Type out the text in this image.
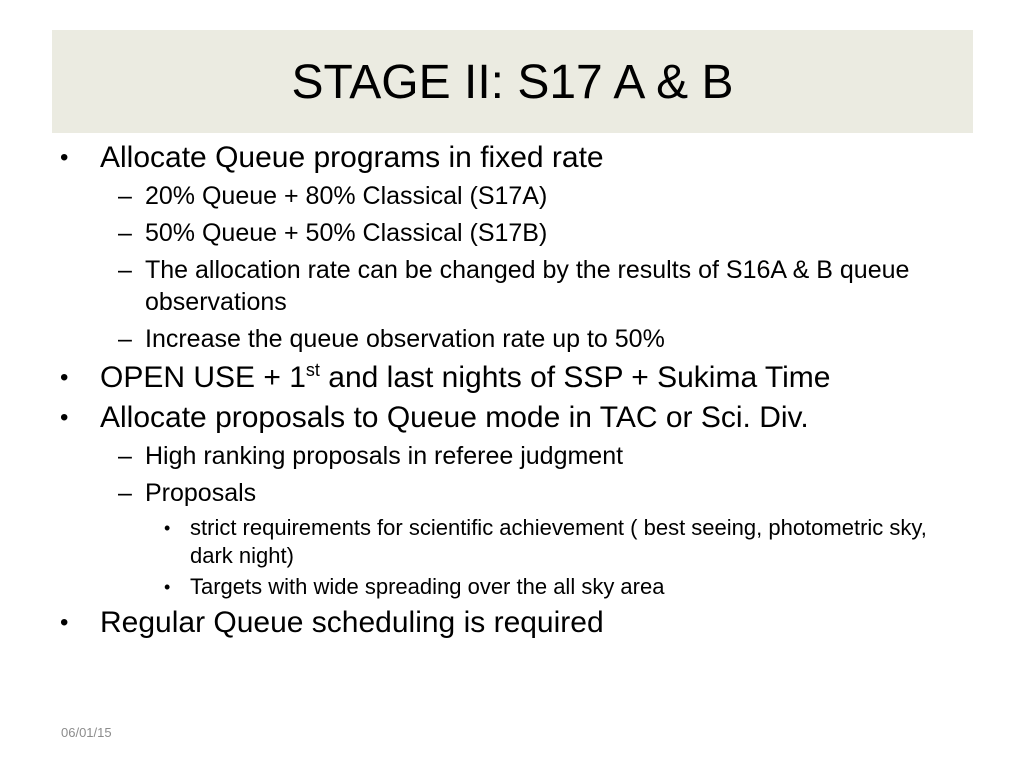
STAGE II: S17 A & B
• Allocate Queue programs in fixed rate
– 20% Queue + 80% Classical (S17A)
– 50% Queue + 50% Classical (S17B)
– The allocation rate can be changed by the results of S16A & B queue observations
– Increase the queue observation rate up to 50%
• OPEN USE + 1st and last nights of SSP + Sukima Time
• Allocate proposals to Queue mode in TAC or Sci. Div.
– High ranking proposals in referee judgment
– Proposals
• strict requirements for scientific achievement ( best seeing, photometric sky, dark night)
• Targets with wide spreading over the all sky area
• Regular Queue scheduling is required
06/01/15
